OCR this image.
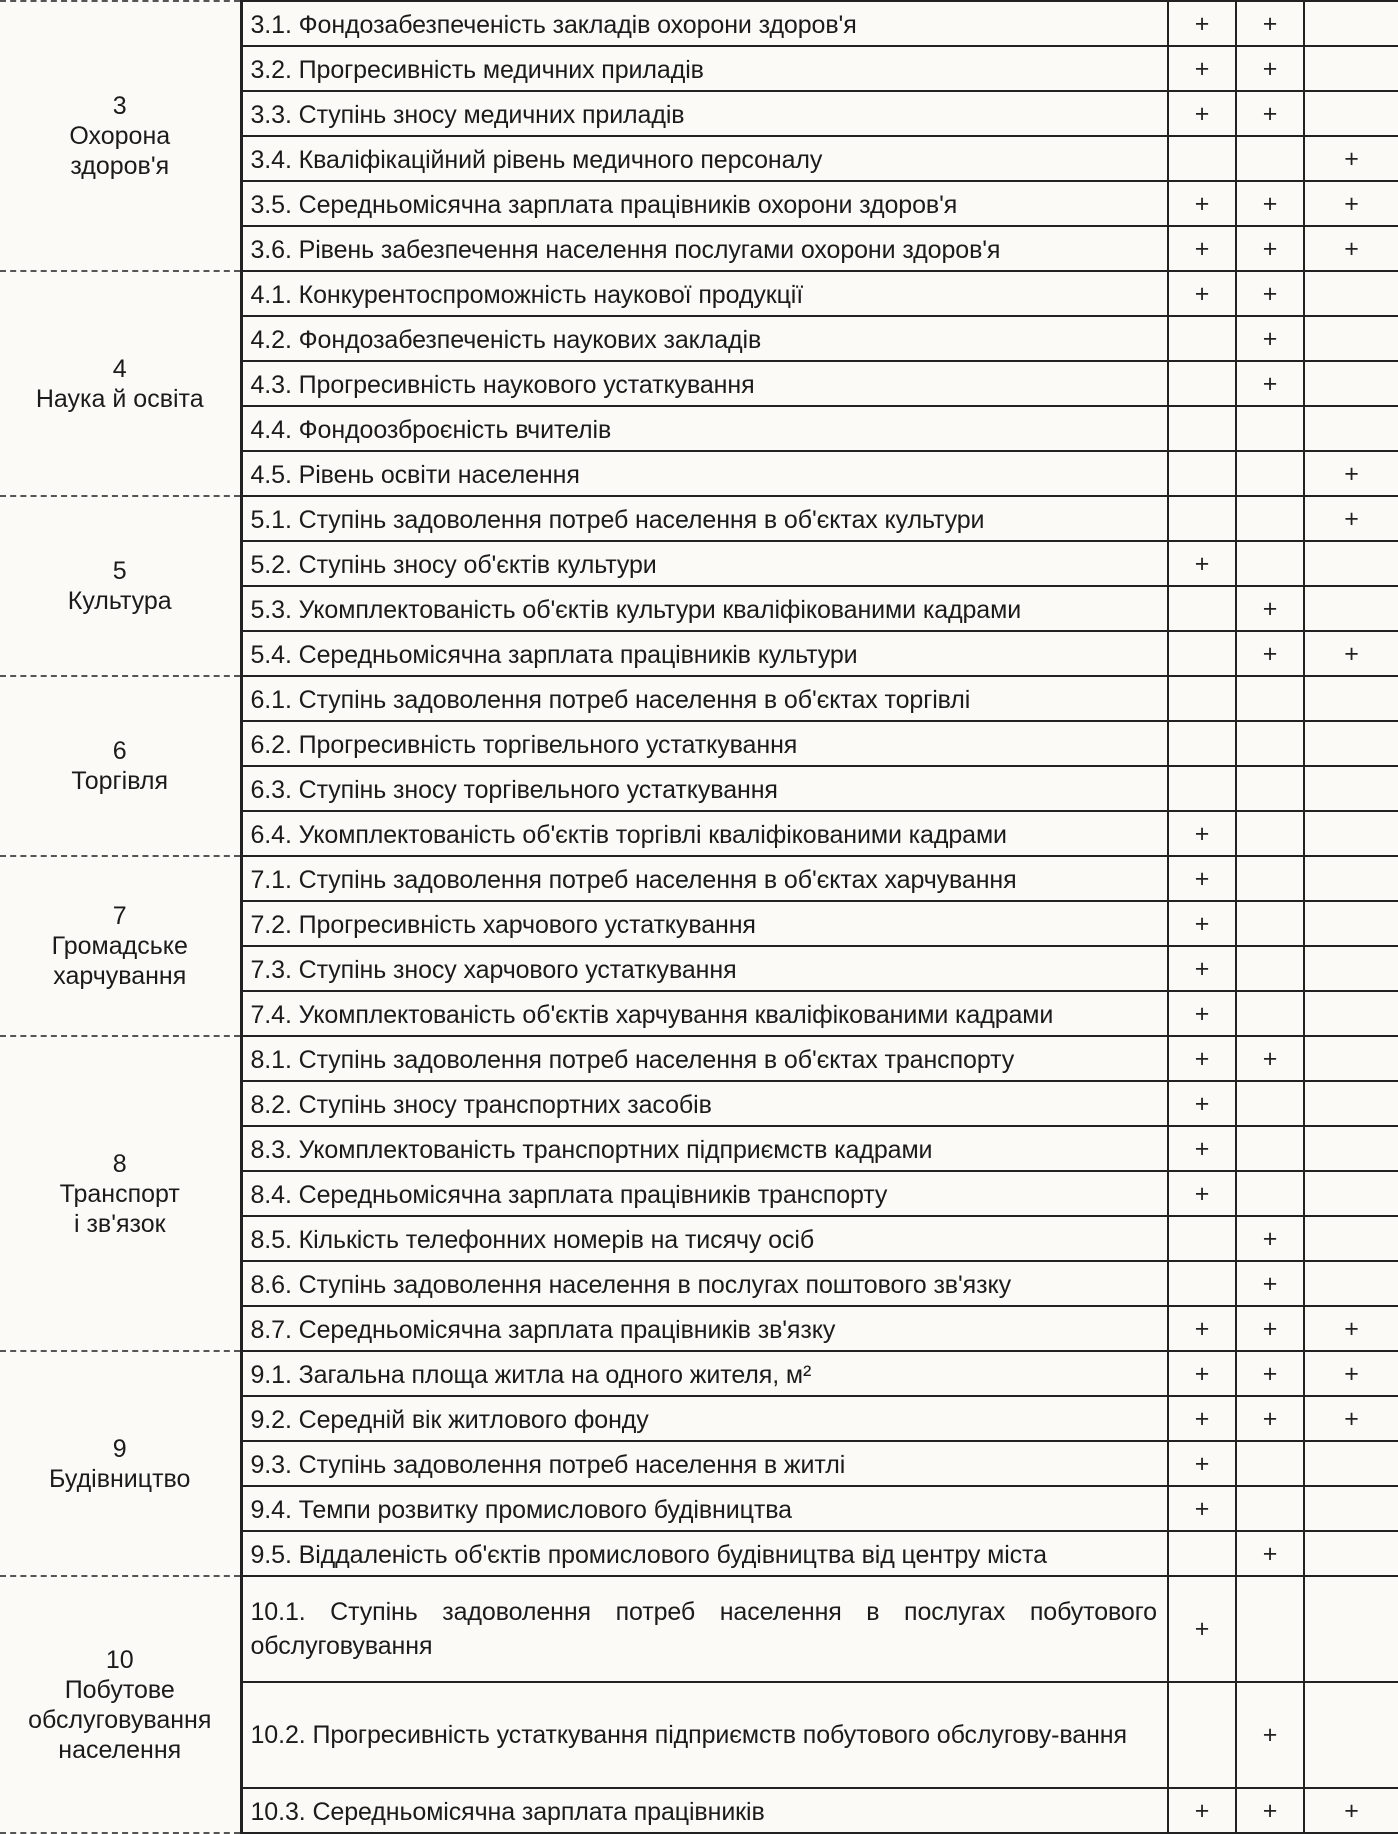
3
Охорона
здоров'я	3.1. Фондозабезпеченість закладів охорони здоров'я	+	+	
	3.2. Прогресивність медичних приладів	+	+	
	3.3. Ступінь зносу медичних приладів	+	+	
	3.4. Кваліфікаційний рівень медичного персоналу			+
	3.5. Середньомісячна зарплата працівників охорони здоров'я	+	+	+
	3.6. Рівень забезпечення населення послугами охорони здоров'я	+	+	+

4
Наука й освіта	4.1. Конкурентоспроможність наукової продукції	+	+	
	4.2. Фондозабезпеченість наукових закладів		+	
	4.3. Прогресивність наукового устаткування		+	
	4.4. Фондоозброєність вчителів			
	4.5. Рівень освіти населення			+

5
Культура	5.1. Ступінь задоволення потреб населення в об'єктах культури			+
	5.2. Ступінь зносу об'єктів культури	+		
	5.3. Укомплектованість об'єктів культури кваліфікованими кадрами		+	
	5.4. Середньомісячна зарплата працівників культури		+	+

6
Торгівля	6.1. Ступінь задоволення потреб населення в об'єктах торгівлі			
	6.2. Прогресивність торгівельного устаткування			
	6.3. Ступінь зносу торгівельного устаткування			
	6.4. Укомплектованість об'єктів торгівлі кваліфікованими кадрами	+		

7
Громадське
харчування	7.1. Ступінь задоволення потреб населення в об'єктах харчування	+		
	7.2. Прогресивність харчового устаткування	+		
	7.3. Ступінь зносу харчового устаткування	+		
	7.4. Укомплектованість об'єктів харчування кваліфікованими кадрами	+		

8
Транспорт
і зв'язок	8.1. Ступінь задоволення потреб населення в об'єктах транспорту	+	+	
	8.2. Ступінь зносу транспортних засобів	+		
	8.3. Укомплектованість транспортних підприємств кадрами	+		
	8.4. Середньомісячна зарплата працівників транспорту	+		
	8.5. Кількість телефонних номерів на тисячу осіб		+	
	8.6. Ступінь задоволення населення в послугах поштового зв'язку		+	
	8.7. Середньомісячна зарплата працівників зв'язку	+	+	+

9
Будівництво	9.1. Загальна площа житла на одного жителя, м²	+	+	+
	9.2. Середній вік житлового фонду	+	+	+
	9.3. Ступінь задоволення потреб населення в житлі	+		
	9.4. Темпи розвитку промислового будівництва	+		
	9.5. Віддаленість об'єктів промислового будівництва від центру міста		+	

10
Побутове
обслуговування
населення	10.1. Ступінь задоволення потреб населення в послугах побутового обслуговування	+		
	10.2. Прогресивність устаткування підприємств побутового обслугову-вання		+	
	10.3. Середньомісячна зарплата працівників	+	+	+
